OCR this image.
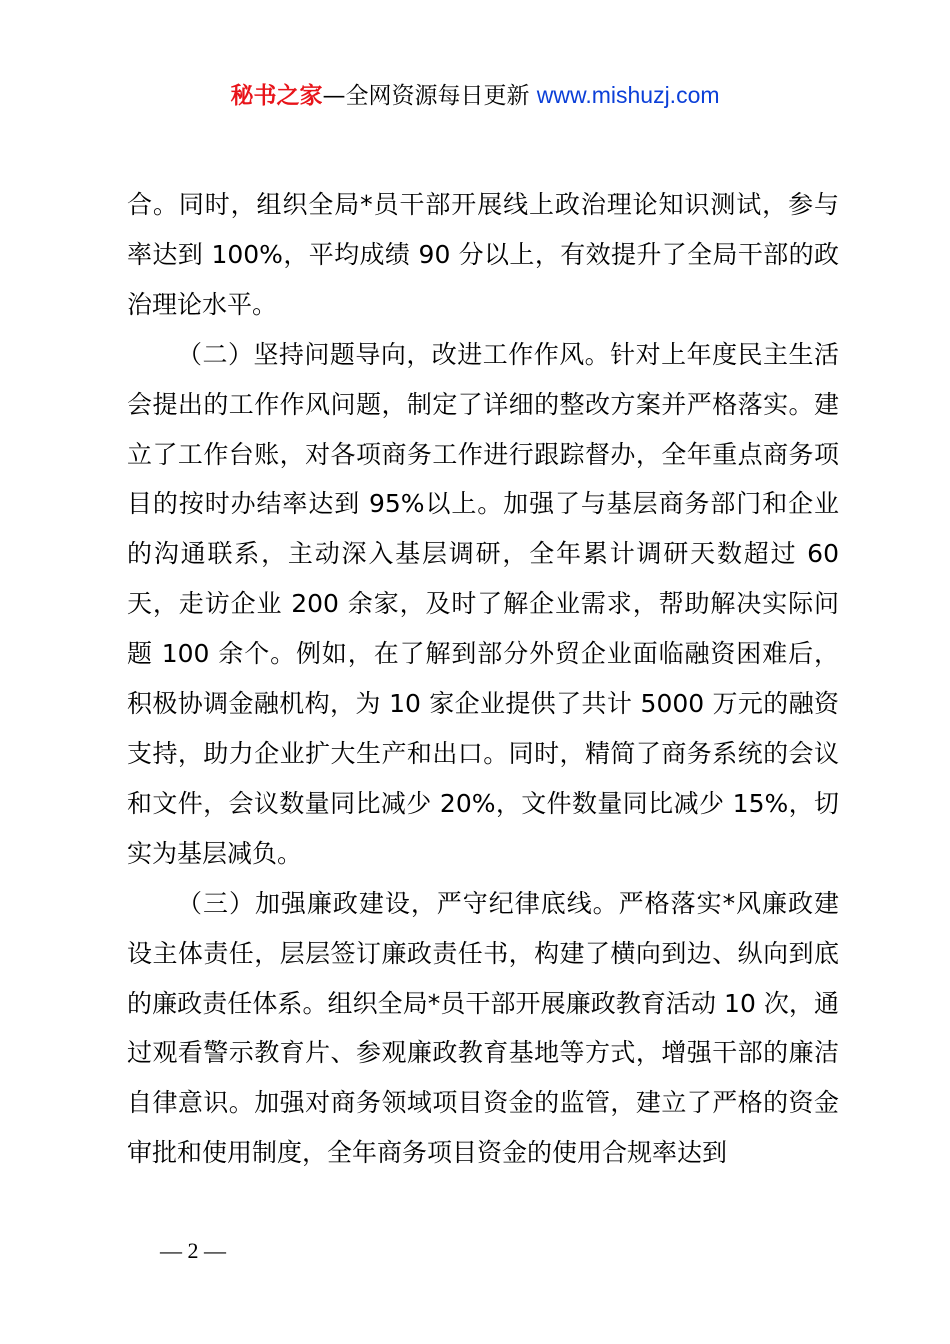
秘书之家—全网资源每日更新 www.mishuzj.com

合。同时，组织全局*员干部开展线上政治理论知识测试，参与率达到 100%，平均成绩 90 分以上，有效提升了全局干部的政治理论水平。

（二）坚持问题导向，改进工作作风。针对上年度民主生活会提出的工作作风问题，制定了详细的整改方案并严格落实。建立了工作台账，对各项商务工作进行跟踪督办，全年重点商务项目的按时办结率达到 95%以上。加强了与基层商务部门和企业的沟通联系，主动深入基层调研，全年累计调研天数超过 60 天，走访企业 200 余家，及时了解企业需求，帮助解决实际问题 100 余个。例如，在了解到部分外贸企业面临融资困难后，积极协调金融机构，为 10 家企业提供了共计 5000 万元的融资支持，助力企业扩大生产和出口。同时，精简了商务系统的会议和文件，会议数量同比减少 20%，文件数量同比减少 15%，切实为基层减负。

（三）加强廉政建设，严守纪律底线。严格落实*风廉政建设主体责任，层层签订廉政责任书，构建了横向到边、纵向到底的廉政责任体系。组织全局*员干部开展廉政教育活动 10 次，通过观看警示教育片、参观廉政教育基地等方式，增强干部的廉洁自律意识。加强对商务领域项目资金的监管，建立了严格的资金审批和使用制度，全年商务项目资金的使用合规率达到

— 2 —
